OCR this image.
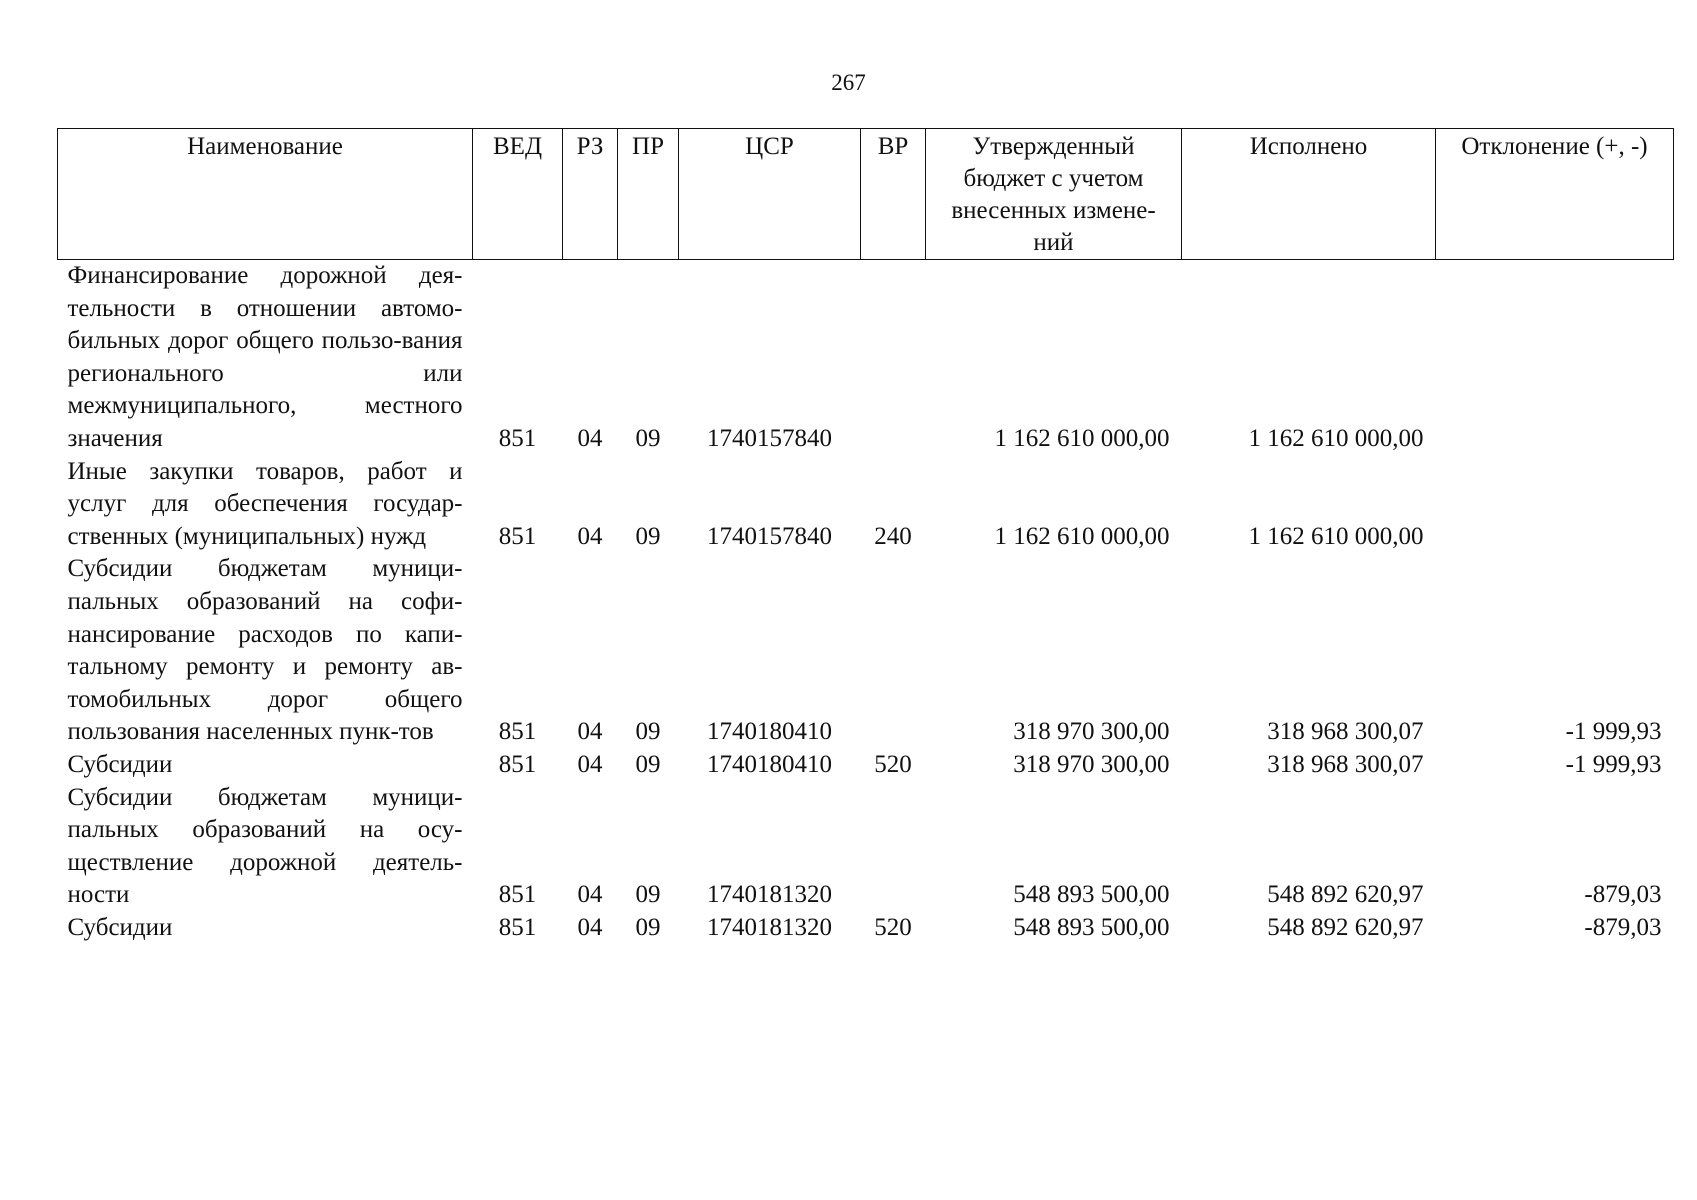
267
Наименование	ВЕД	РЗ	ПР	ЦСР	ВР	Утвержденный бюджет с учетом внесенных измене-ний	Исполнено	Отклонение (+, -)
Финансирование дорожной дея-тельности в отношении автомо-бильных дорог общего пользо-вания регионального или межмуниципального, местного значения	851	04	09	1740157840		1 162 610 000,00	1 162 610 000,00	
Иные закупки товаров, работ и услуг для обеспечения государ-ственных (муниципальных) нужд	851	04	09	1740157840	240	1 162 610 000,00	1 162 610 000,00	
Субсидии бюджетам муници-пальных образований на софи-нансирование расходов по капи-тальному ремонту и ремонту ав-томобильных дорог общего пользования населенных пунк-тов	851	04	09	1740180410		318 970 300,00	318 968 300,07	-1 999,93
Субсидии	851	04	09	1740180410	520	318 970 300,00	318 968 300,07	-1 999,93
Субсидии бюджетам муници-пальных образований на осу-ществление дорожной деятель-ности	851	04	09	1740181320		548 893 500,00	548 892 620,97	-879,03
Субсидии	851	04	09	1740181320	520	548 893 500,00	548 892 620,97	-879,03
